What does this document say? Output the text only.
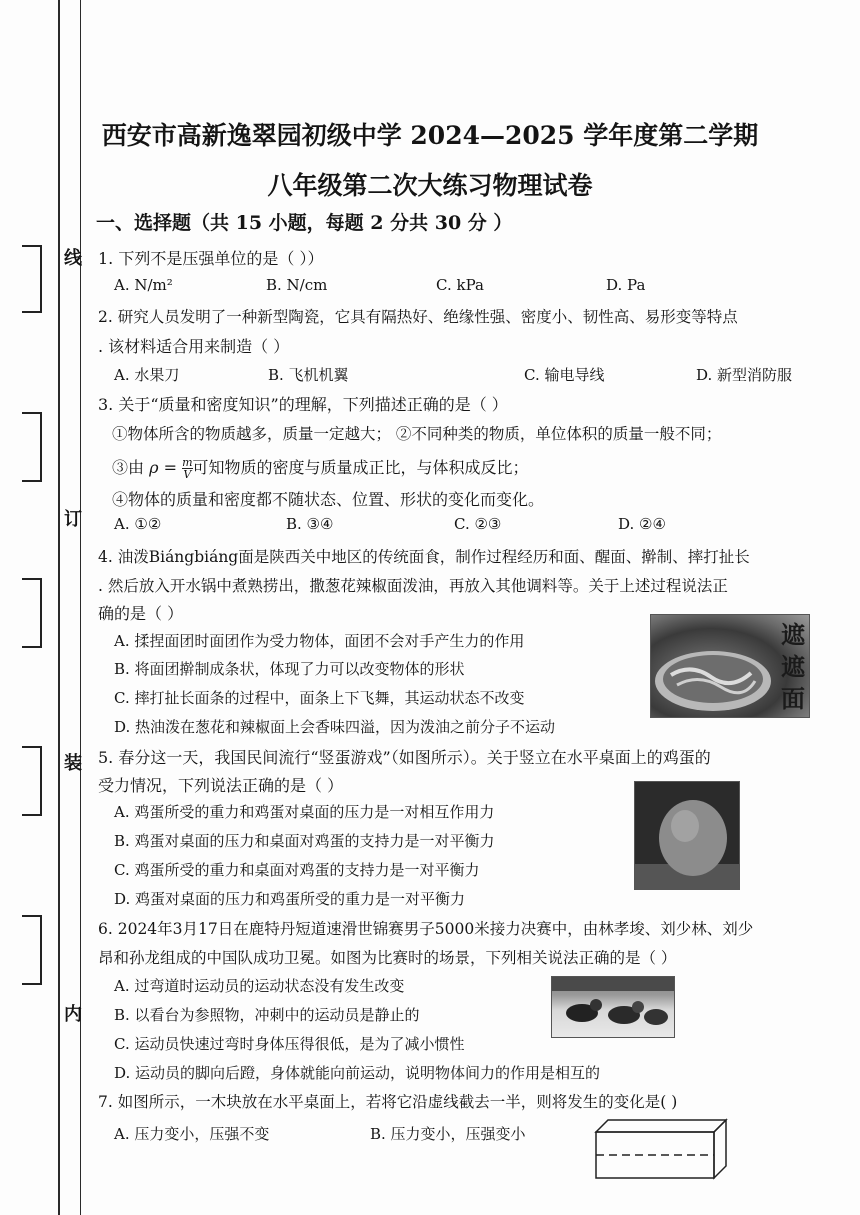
线
订
装
内
西安市高新逸翠园初级中学 2024—2025 学年度第二学期
八年级第二次大练习物理试卷
一、选择题（共 15 小题，每题 2 分共 30 分 ）
1. 下列不是压强单位的是（ ））
A. N/m²	B. N/cm	C. kPa	D. Pa
2. 研究人员发明了一种新型陶瓷，它具有隔热好、绝缘性强、密度小、韧性高、易形变等特点
. 该材料适合用来制造（ ）
A. 水果刀	B. 飞机机翼	C. 输电导线	D. 新型消防服
3. 关于“质量和密度知识”的理解，下列描述正确的是（ ）
①物体所含的物质越多，质量一定越大； ②不同种类的物质，单位体积的质量一般不同；
③由 $\rho = \frac{m}{V}$ 可知物质的密度与质量成正比，与体积成反比；
④物体的质量和密度都不随状态、位置、形状的变化而变化。
A. ①②	B. ③④	C. ②③	D. ②④
4. 油泼Biángbiáng面是陕西关中地区的传统面食，制作过程经历和面、醒面、擀制、摔打扯长
. 然后放入开水锅中煮熟捞出，撒葱花辣椒面泼油，再放入其他调料等。关于上述过程说法正
确的是（ ）
A. 揉捏面团时面团作为受力物体，面团不会对手产生力的作用
B. 将面团擀制成条状，体现了力可以改变物体的形状
C. 摔打扯长面条的过程中，面条上下飞舞，其运动状态不改变
D. 热油泼在葱花和辣椒面上会香味四溢，因为泼油之前分子不运动
遮遮面
5. 春分这一天，我国民间流行“竖蛋游戏”（如图所示）。关于竖立在水平桌面上的鸡蛋的
受力情况，下列说法正确的是（ ）
A. 鸡蛋所受的重力和鸡蛋对桌面的压力是一对相互作用力
B. 鸡蛋对桌面的压力和桌面对鸡蛋的支持力是一对平衡力
C. 鸡蛋所受的重力和桌面对鸡蛋的支持力是一对平衡力
D. 鸡蛋对桌面的压力和鸡蛋所受的重力是一对平衡力
6. 2024年3月17日在鹿特丹短道速滑世锦赛男子5000米接力决赛中，由林孝埈、刘少林、刘少
昂和孙龙组成的中国队成功卫冕。如图为比赛时的场景，下列相关说法正确的是（ ）
A. 过弯道时运动员的运动状态没有发生改变
B. 以看台为参照物，冲刺中的运动员是静止的
C. 运动员快速过弯时身体压得很低，是为了减小惯性
D. 运动员的脚向后蹬，身体就能向前运动，说明物体间力的作用是相互的
7. 如图所示，一木块放在水平桌面上，若将它沿虚线截去一半，则将发生的变化是( )
A. 压力变小，压强不变	B. 压力变小，压强变小
